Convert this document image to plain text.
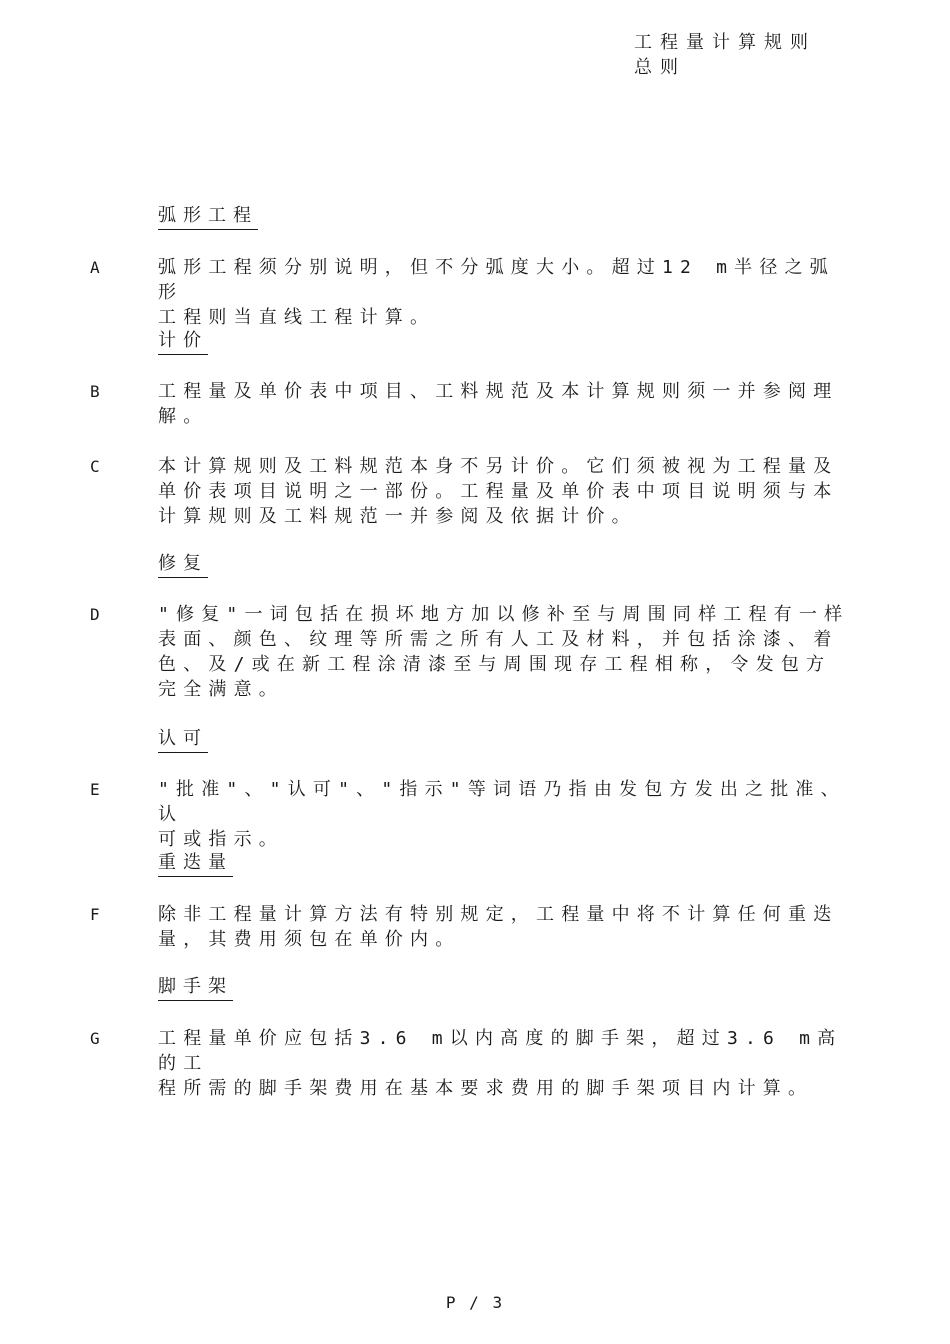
工程量计算规则
总则
弧形工程
A	弧形工程须分别说明，但不分弧度大小。超过12 m半径之弧形
工程则当直线工程计算。
计价
B	工程量及单价表中项目、工料规范及本计算规则须一并参阅理
解。
C	本计算规则及工料规范本身不另计价。它们须被视为工程量及
单价表项目说明之一部份。工程量及单价表中项目说明须与本
计算规则及工料规范一并参阅及依据计价。
修复
D	"修复"一词包括在损坏地方加以修补至与周围同样工程有一样
表面、颜色、纹理等所需之所有人工及材料，并包括涂漆、着
色、及/或在新工程涂清漆至与周围现存工程相称，令发包方
完全满意。
认可
E	"批准"、"认可"、"指示"等词语乃指由发包方发出之批准、认
可或指示。
重迭量
F	除非工程量计算方法有特别规定，工程量中将不计算任何重迭
量，其费用须包在单价内。
脚手架
G	工程量单价应包括3.6 m以内高度的脚手架，超过3.6 m高的工
程所需的脚手架费用在基本要求费用的脚手架项目内计算。
P / 3
